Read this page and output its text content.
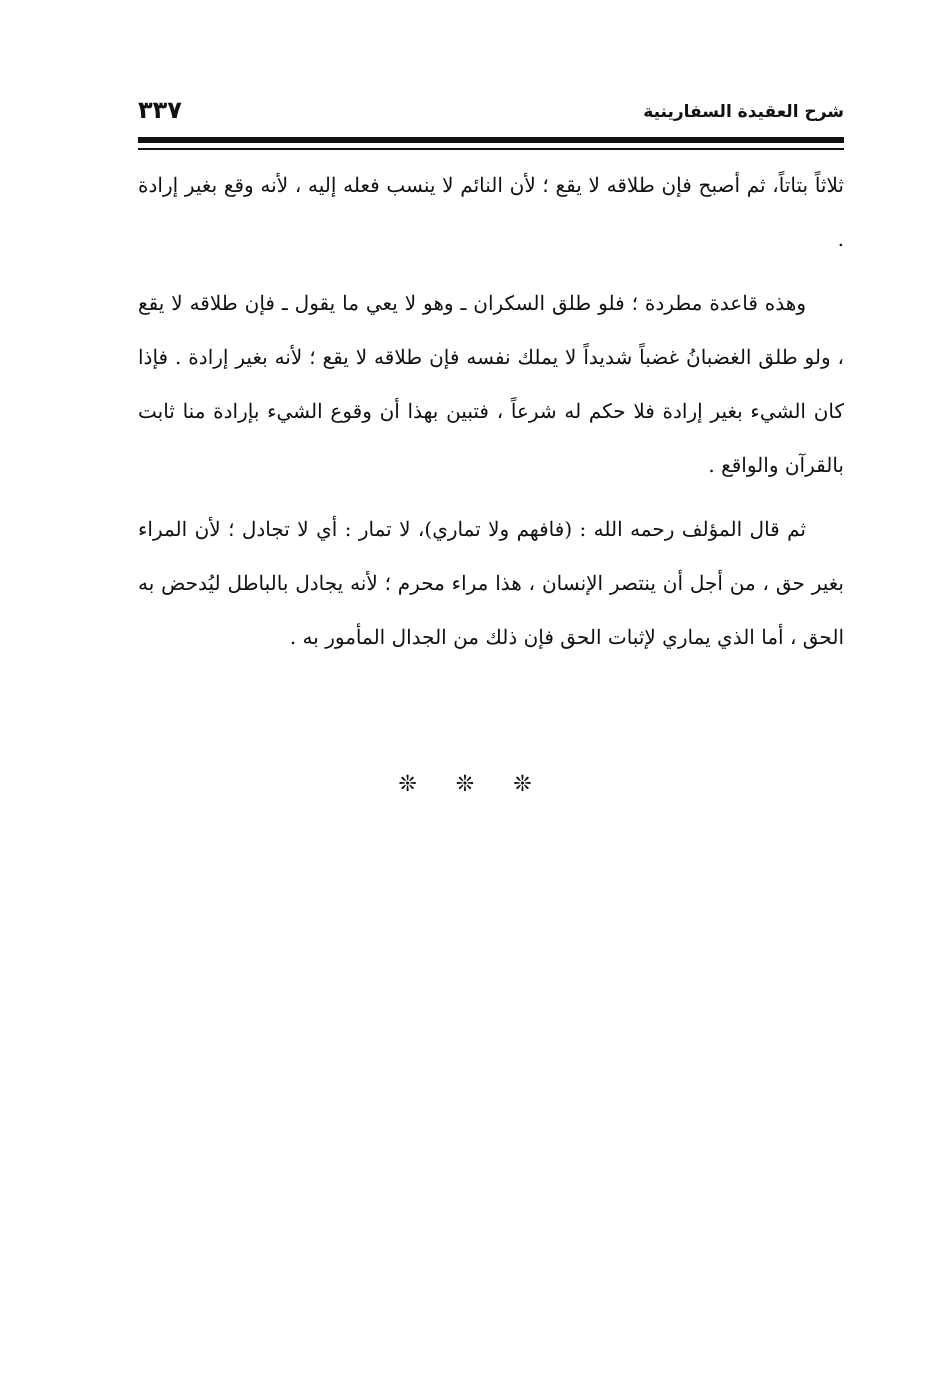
شرح العقيدة السفارينية
٣٣٧

ثلاثاً بتاتاً، ثم أصبح فإن طلاقه لا يقع ؛ لأن النائم لا ينسب فعله إليه ، لأنه وقع بغير إرادة .

وهذه قاعدة مطردة ؛ فلو طلق السكران ـ وهو لا يعي ما يقول ـ فإن طلاقه لا يقع ، ولو طلق الغضبانُ غضباً شديداً لا يملك نفسه فإن طلاقه لا يقع ؛ لأنه بغير إرادة . فإذا كان الشيء بغير إرادة فلا حكم له شرعاً ، فتبين بهذا أن وقوع الشيء بإرادة منا ثابت بالقرآن والواقع .

ثم قال المؤلف رحمه الله : (فافهم ولا تماري)، لا تمار : أي لا تجادل ؛ لأن المراء بغير حق ، من أجل أن ينتصر الإنسان ، هذا مراء محرم ؛ لأنه يجادل بالباطل ليُدحض به الحق ، أما الذي يماري لإثبات الحق فإن ذلك من الجدال المأمور به .

❊ ❊ ❊
